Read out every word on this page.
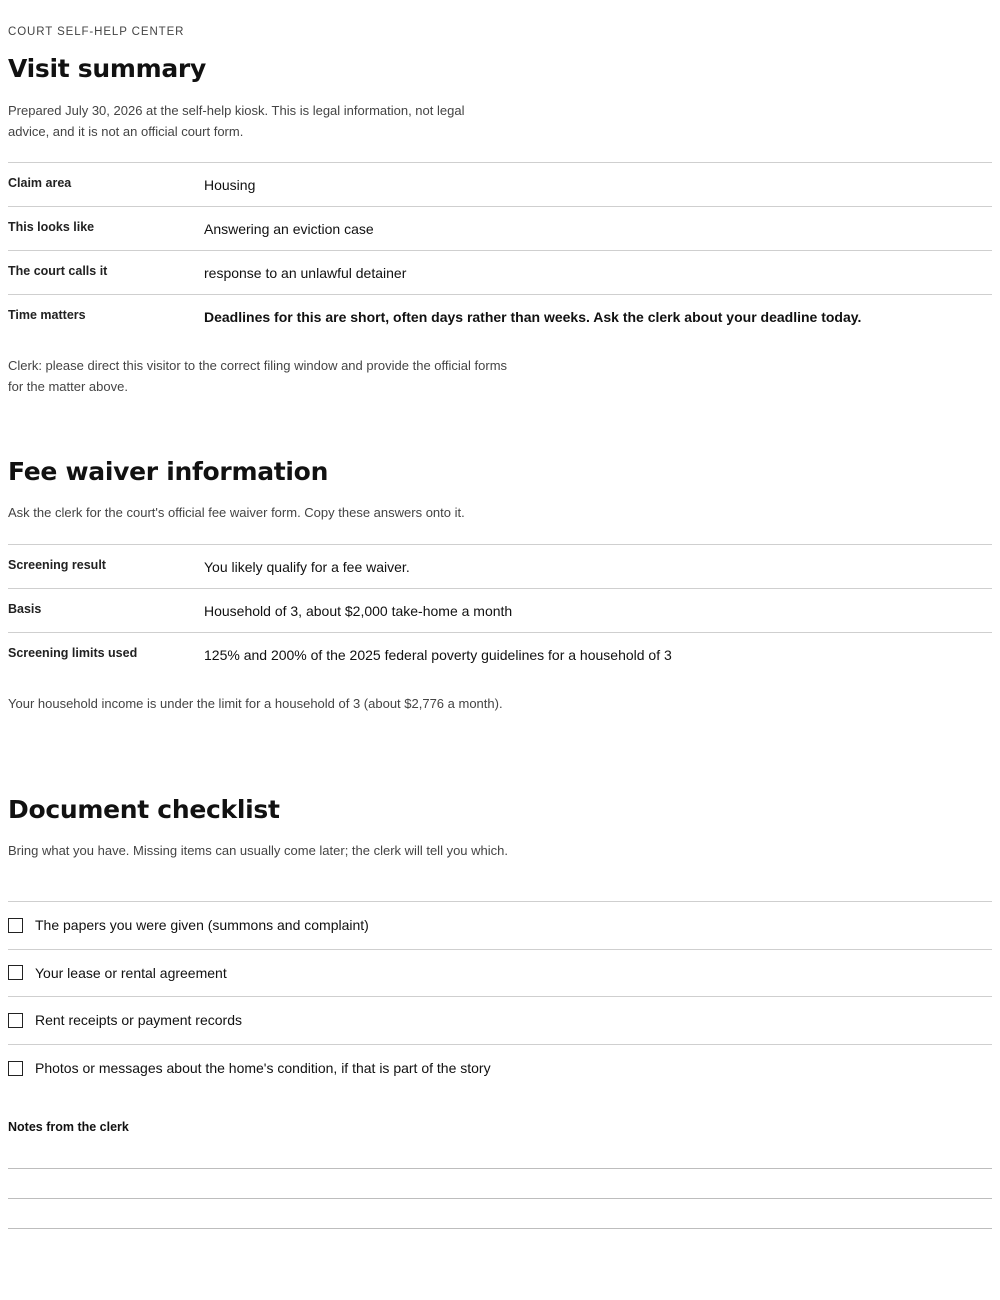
COURT SELF-HELP CENTER
Visit summary

Prepared July 30, 2026 at the self-help kiosk. This is legal information, not legal advice, and it is not an official court form.

Claim area	Housing
This looks like	Answering an eviction case
The court calls it	response to an unlawful detainer
Time matters	Deadlines for this are short, often days rather than weeks. Ask the clerk about your deadline today.

Clerk: please direct this visitor to the correct filing window and provide the official forms for the matter above.

Fee waiver information

Ask the clerk for the court's official fee waiver form. Copy these answers onto it.

Screening result	You likely qualify for a fee waiver.
Basis	Household of 3, about $2,000 take-home a month
Screening limits used	125% and 200% of the 2025 federal poverty guidelines for a household of 3

Your household income is under the limit for a household of 3 (about $2,776 a month).

Document checklist

Bring what you have. Missing items can usually come later; the clerk will tell you which.

The papers you were given (summons and complaint)
Your lease or rental agreement
Rent receipts or payment records
Photos or messages about the home's condition, if that is part of the story
Notes from the clerk
